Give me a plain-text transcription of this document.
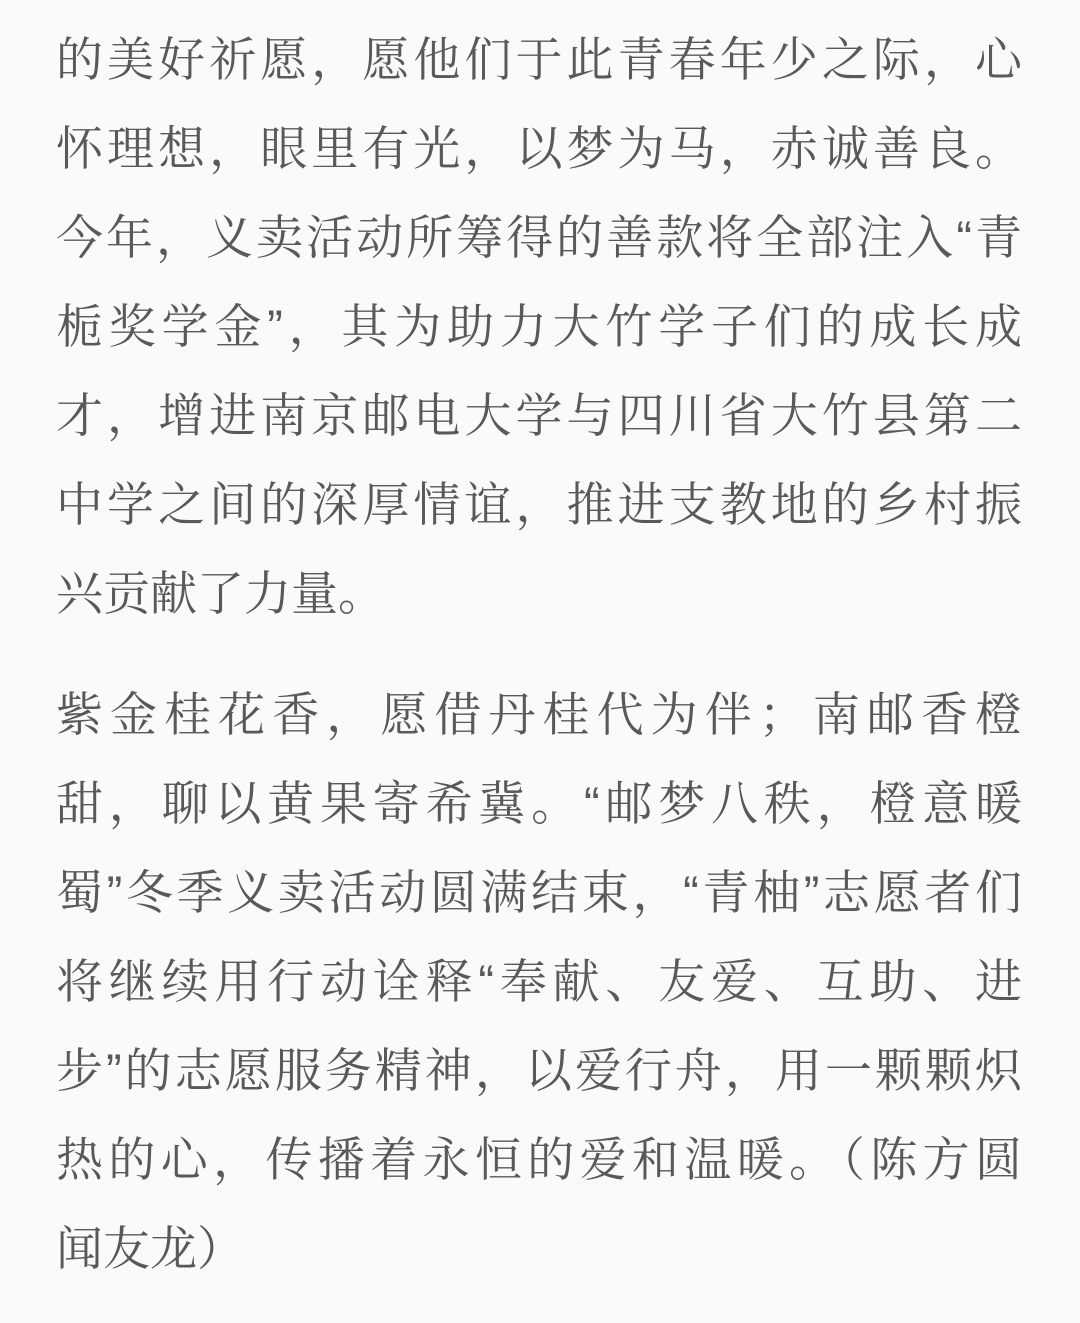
的美好祈愿，愿他们于此青春年少之际，心
怀理想，眼里有光，以梦为马，赤诚善良。
今年，义卖活动所筹得的善款将全部注入“青
栀奖学金”，其为助力大竹学子们的成长成
才，增进南京邮电大学与四川省大竹县第二
中学之间的深厚情谊，推进支教地的乡村振
兴贡献了力量。
紫金桂花香，愿借丹桂代为伴；南邮香橙
甜，聊以黄果寄希冀。“邮梦八秩，橙意暖
蜀”冬季义卖活动圆满结束，“青柚”志愿者们
将继续用行动诠释“奉献、友爱、互助、进
步”的志愿服务精神，以爱行舟，用一颗颗炽
热的心，传播着永恒的爱和温暖。（陈方圆
闻友龙）
